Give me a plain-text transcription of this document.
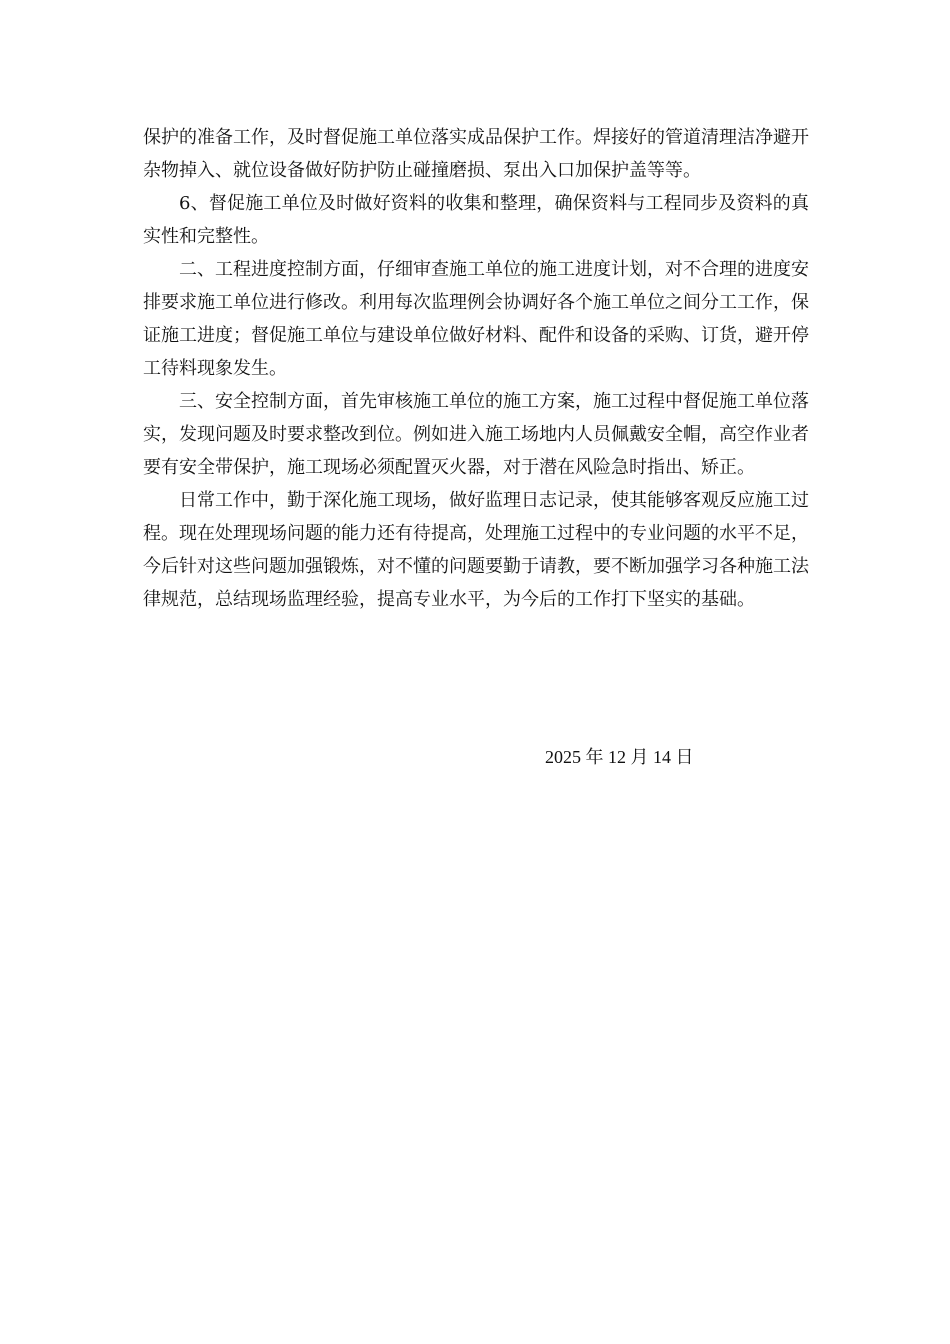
保护的准备工作，及时督促施工单位落实成品保护工作。焊接好的管道清理洁净避开杂物掉入、就位设备做好防护防止碰撞磨损、泵出入口加保护盖等等。

6、督促施工单位及时做好资料的收集和整理，确保资料与工程同步及资料的真实性和完整性。

二、工程进度控制方面，仔细审查施工单位的施工进度计划，对不合理的进度安排要求施工单位进行修改。利用每次监理例会协调好各个施工单位之间分工工作，保证施工进度；督促施工单位与建设单位做好材料、配件和设备的采购、订货，避开停工待料现象发生。

三、安全控制方面，首先审核施工单位的施工方案，施工过程中督促施工单位落实，发现问题及时要求整改到位。例如进入施工场地内人员佩戴安全帽，高空作业者要有安全带保护，施工现场必须配置灭火器，对于潜在风险急时指出、矫正。

日常工作中，勤于深化施工现场，做好监理日志记录，使其能够客观反应施工过程。现在处理现场问题的能力还有待提高，处理施工过程中的专业问题的水平不足，今后针对这些问题加强锻炼，对不懂的问题要勤于请教，要不断加强学习各种施工法律规范，总结现场监理经验，提高专业水平，为今后的工作打下坚实的基础。

2025 年 12 月 14 日
